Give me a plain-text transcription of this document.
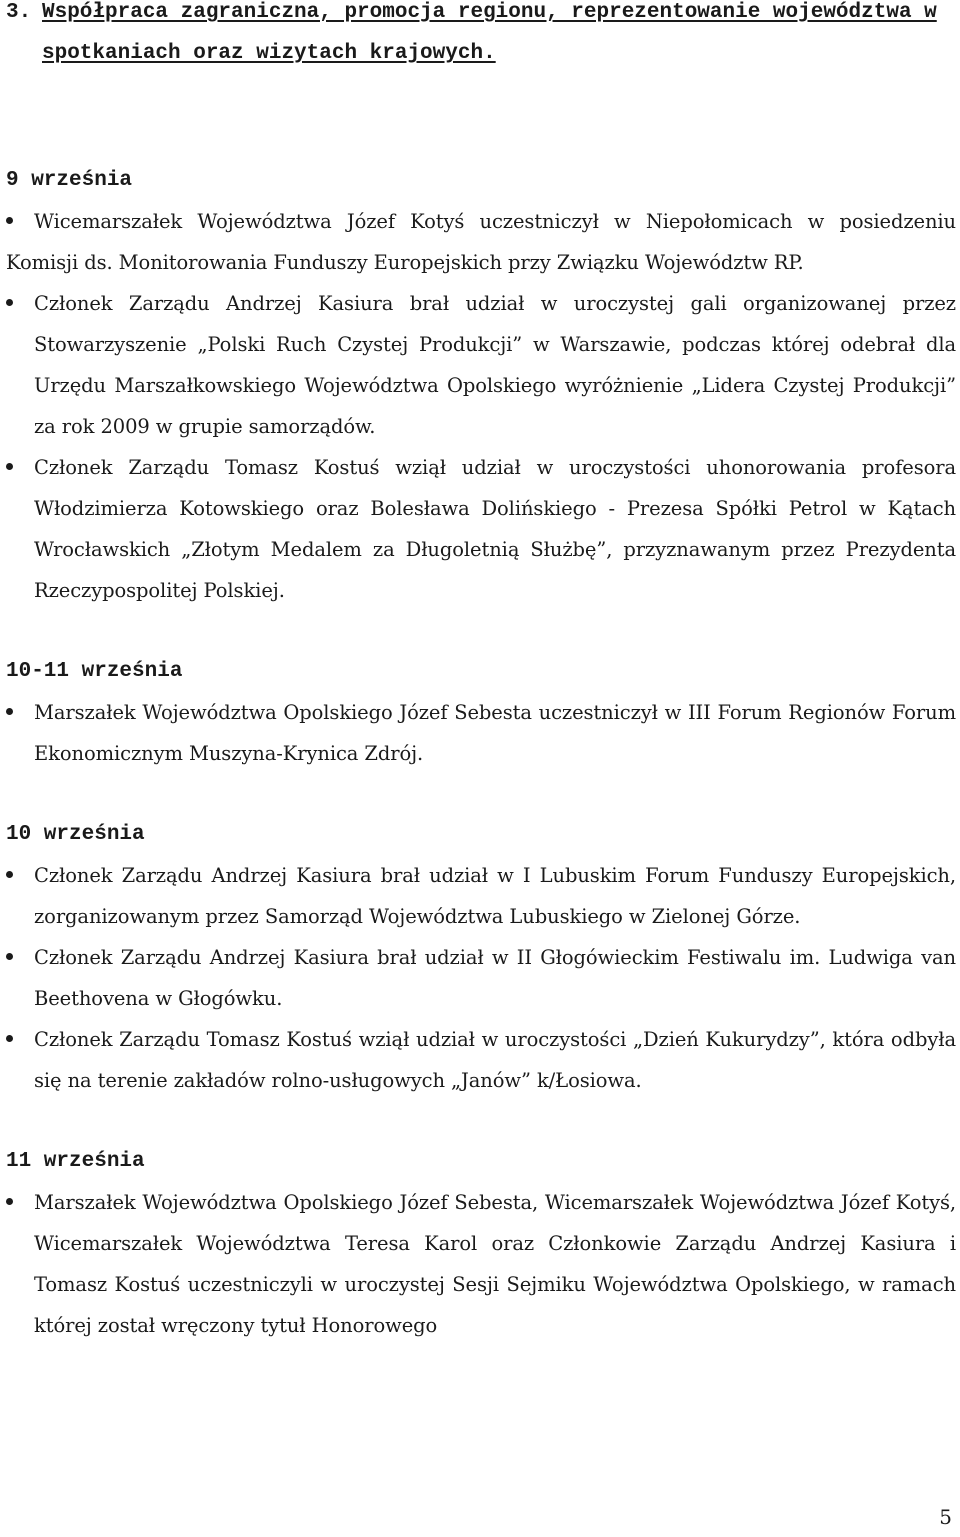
3. Współpraca zagraniczna, promocja regionu, reprezentowanie województwa w spotkaniach oraz wizytach krajowych.
9 września
Wicemarszałek Województwa Józef Kotyś uczestniczył w Niepołomicach w posiedzeniu Komisji ds. Monitorowania Funduszy Europejskich przy Związku Województw RP.
Członek Zarządu Andrzej Kasiura brał udział w uroczystej gali organizowanej przez Stowarzyszenie „Polski Ruch Czystej Produkcji” w Warszawie, podczas której odebrał dla Urzędu Marszałkowskiego Województwa Opolskiego wyróżnienie „Lidera Czystej Produkcji” za rok 2009 w grupie samorządów.
Członek Zarządu Tomasz Kostuś wziął udział w uroczystości uhonorowania profesora Włodzimierza Kotowskiego oraz Bolesława Dolińskiego - Prezesa Spółki Petrol w Kątach Wrocławskich „Złotym Medalem za Długoletnią Służbę”, przyznawanym przez Prezydenta Rzeczypospolitej Polskiej.
10-11 września
Marszałek Województwa Opolskiego Józef Sebesta uczestniczył w III Forum Regionów Forum Ekonomicznym Muszyna-Krynica Zdrój.
10 września
Członek Zarządu Andrzej Kasiura brał udział w I Lubuskim Forum Funduszy Europejskich, zorganizowanym przez Samorząd Województwa Lubuskiego w Zielonej Górze.
Członek Zarządu Andrzej Kasiura brał udział w II Głogówieckim Festiwalu im. Ludwiga van Beethovena w Głogówku.
Członek Zarządu Tomasz Kostuś wziął udział w uroczystości „Dzień Kukurydzy”, która odbyła się na terenie zakładów rolno-usługowych „Janów” k/Łosiowa.
11 września
Marszałek Województwa Opolskiego Józef Sebesta, Wicemarszałek Województwa Józef Kotyś, Wicemarszałek Województwa Teresa Karol oraz Członkowie Zarządu Andrzej Kasiura i Tomasz Kostuś uczestniczyli w uroczystej Sesji Sejmiku Województwa Opolskiego, w ramach której został wręczony tytuł Honorowego
5
